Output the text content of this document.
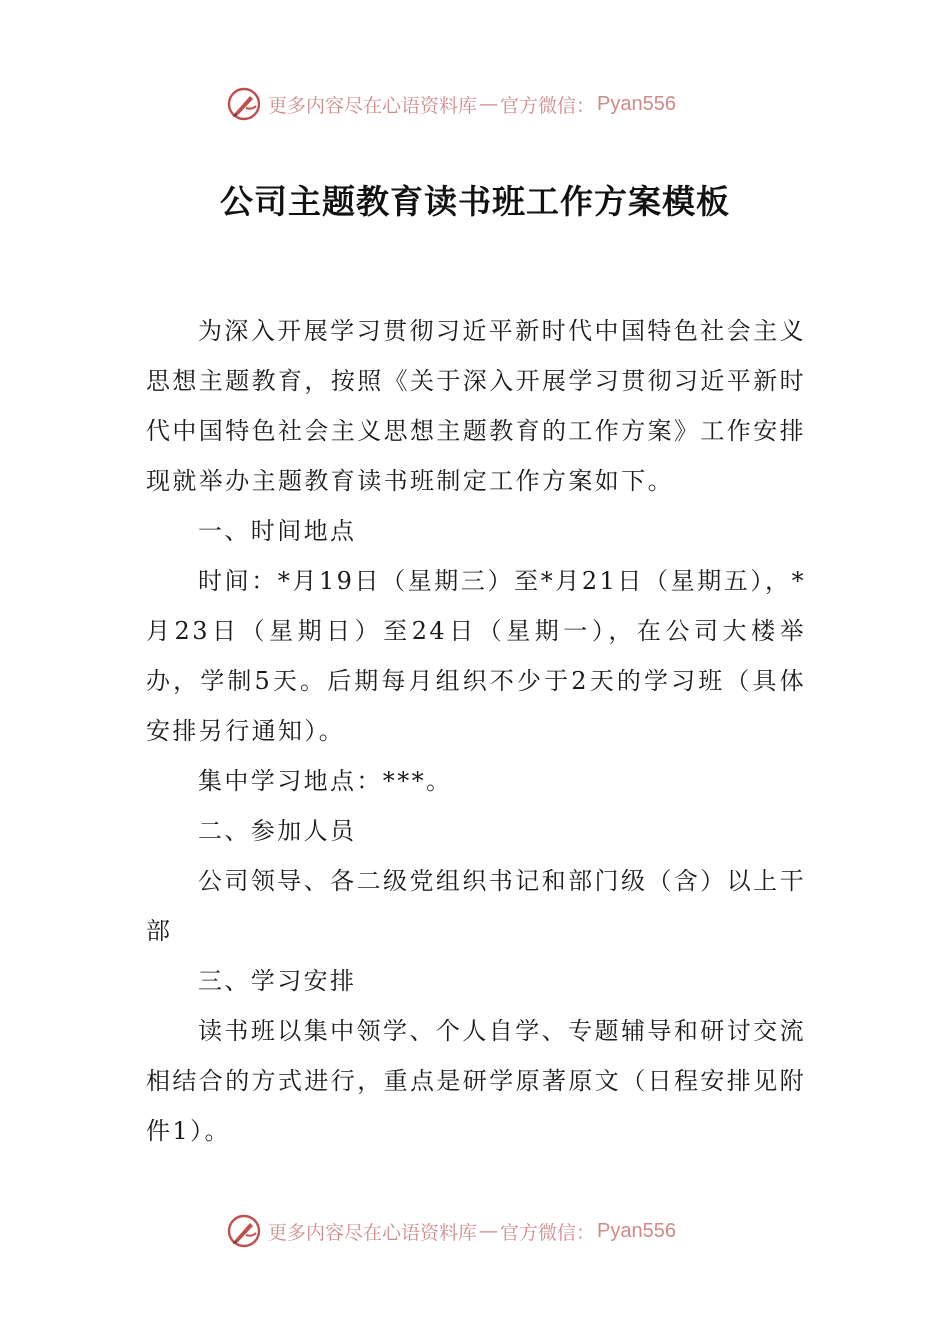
更多内容尽在心语资料库 — 官方微信： Pyan556
公司主题教育读书班工作方案模板

为深入开展学习贯彻习近平新时代中国特色社会主义思想主题教育，按照《关于深入开展学习贯彻习近平新时代中国特色社会主义思想主题教育的工作方案》工作安排现就举办主题教育读书班制定工作方案如下。

一、时间地点

时间：*月19日（星期三）至*月21日（星期五），*月23日（星期日）至24日（星期一），在公司大楼举办，学制5天。后期每月组织不少于2天的学习班（具体安排另行通知）。

集中学习地点：***。

二、参加人员

公司领导、各二级党组织书记和部门级（含）以上干部

三、学习安排

读书班以集中领学、个人自学、专题辅导和研讨交流相结合的方式进行，重点是研学原著原文（日程安排见附件1）。

更多内容尽在心语资料库 — 官方微信： Pyan556
